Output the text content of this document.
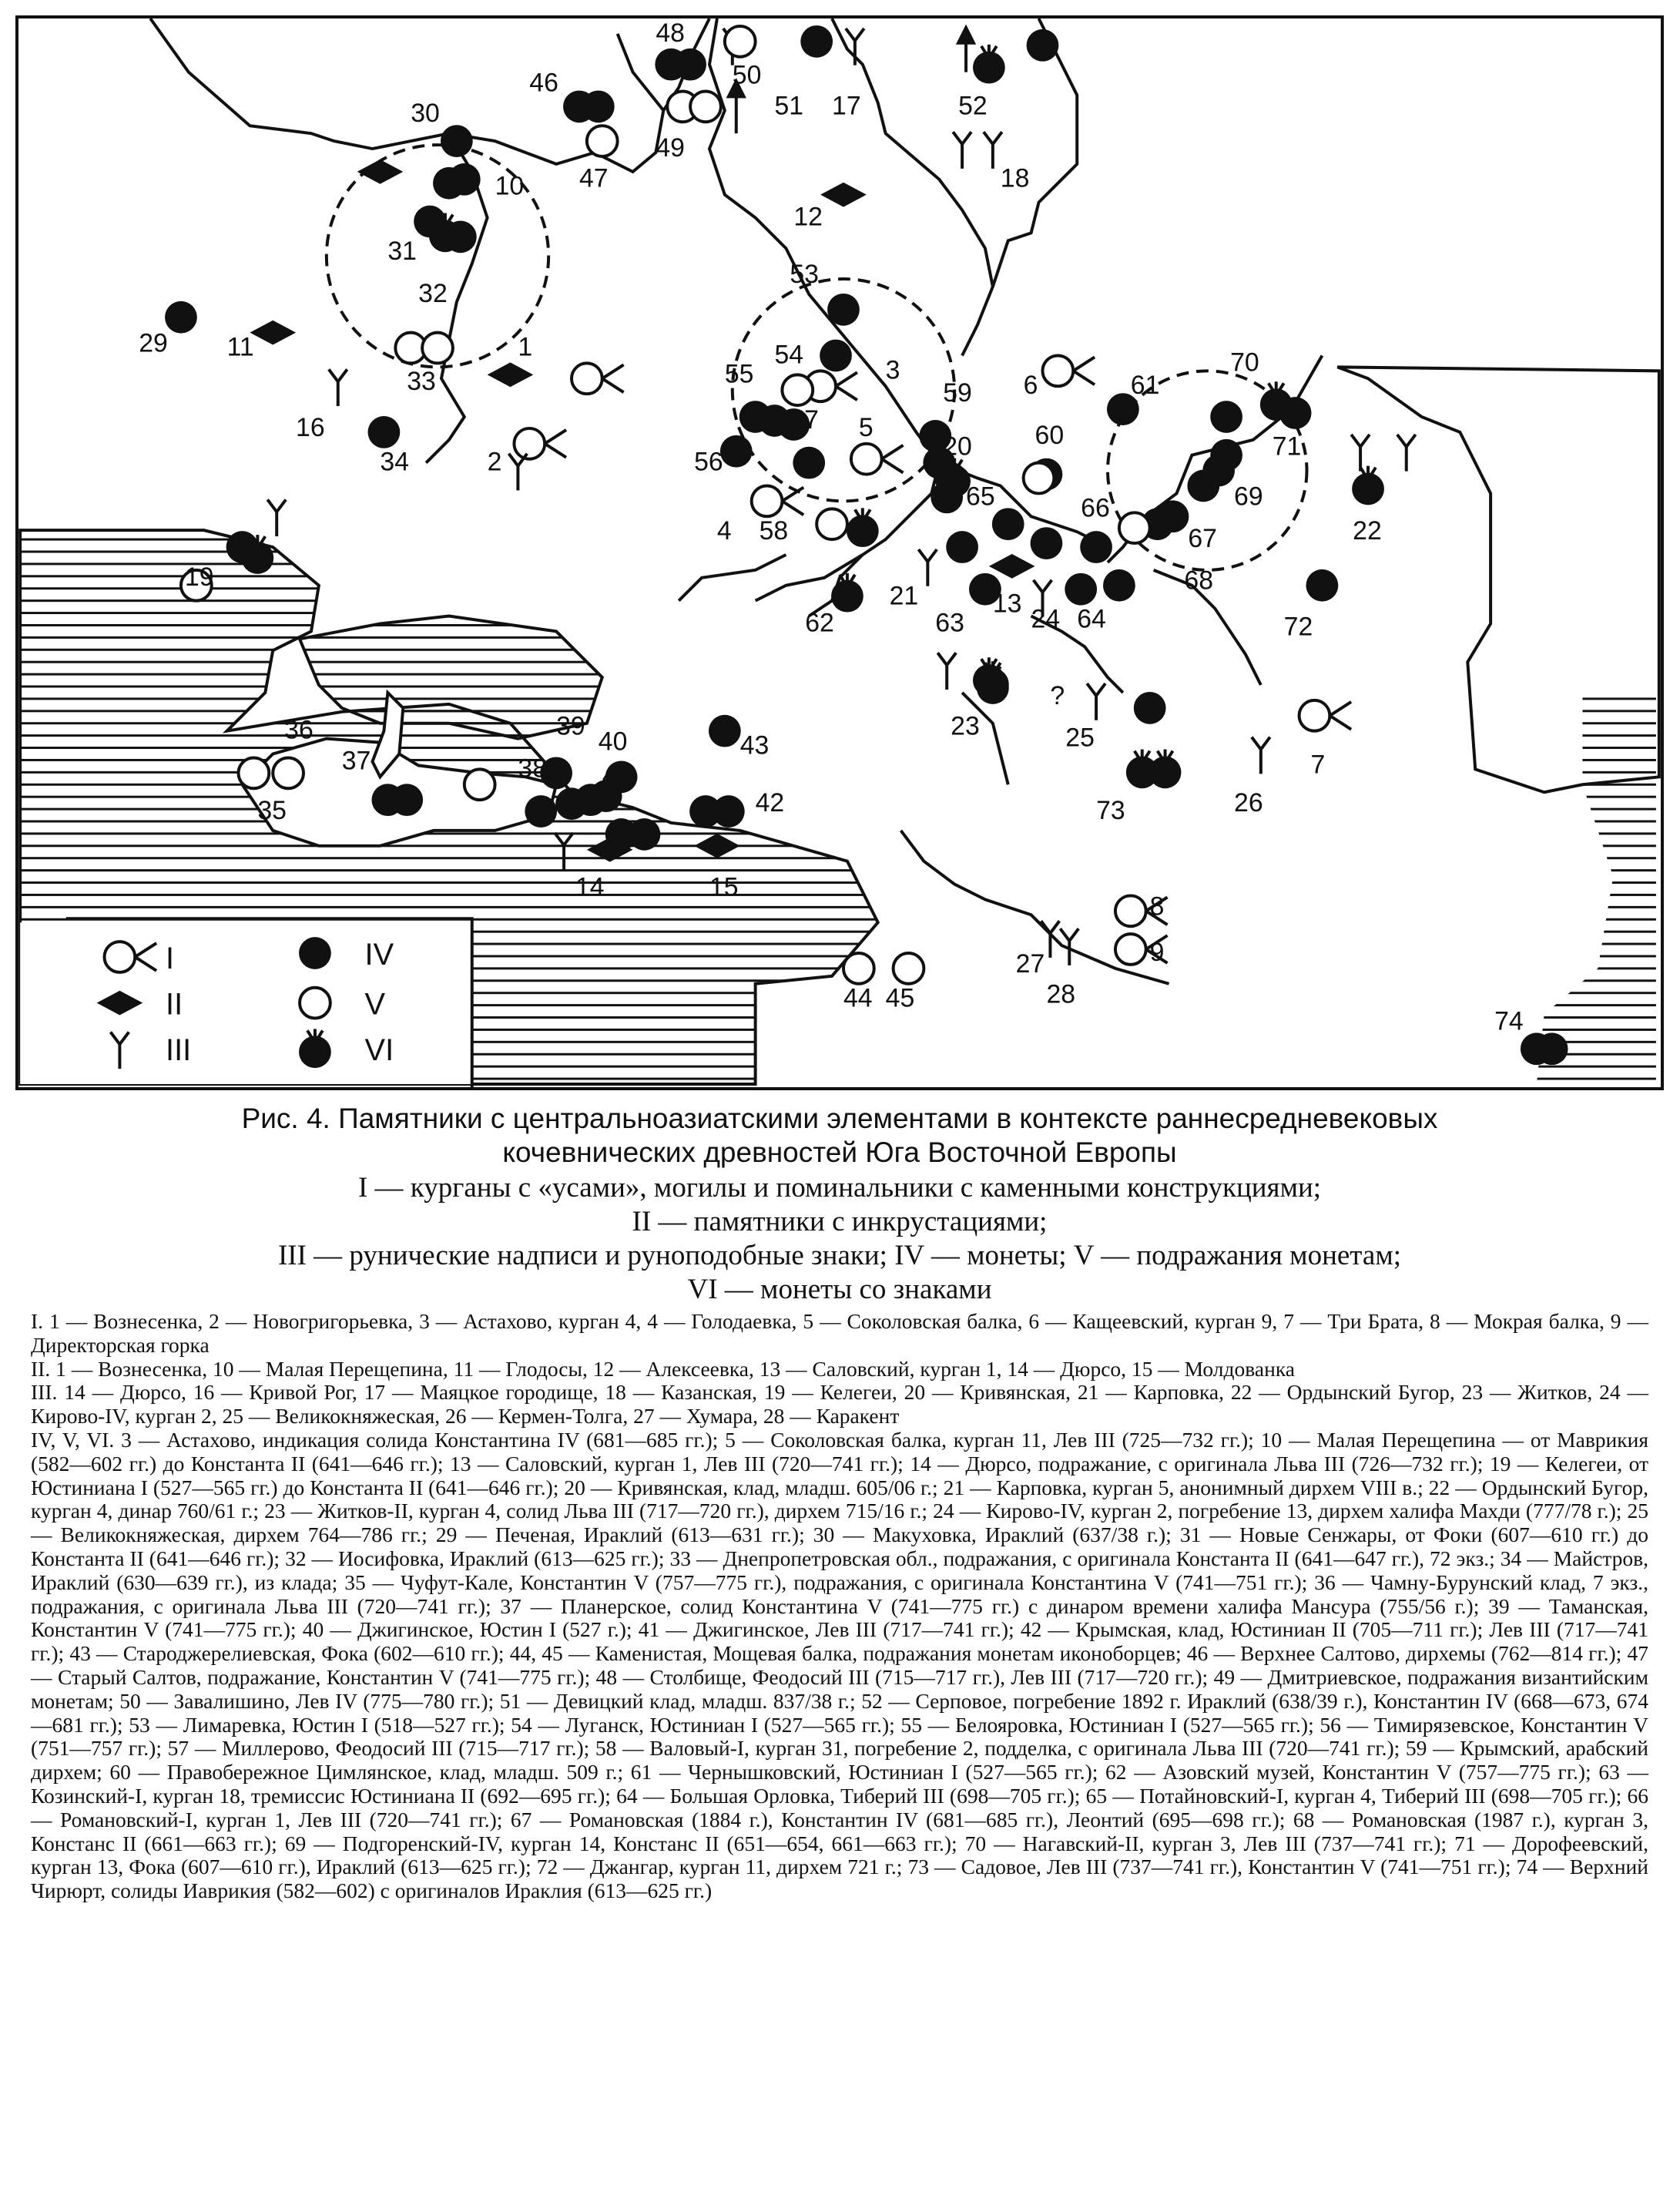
1
2
3
4
5
6
7
8
9
10
11
12
13
14	15
16
17
18
19
20
21
22
23
24
25
26
27
28
29
30
31
32
33
34
35
36
37	38
39
40
41
42
43
44 45
46
47
48
49
50
51	52
53
54
55
56
57
58
59
60
61
62	63	64
65	66
67
68
69
70
71
72
73
74
?
I
II
III
IV
V
VI
Рис. 4. Памятники с центральноазиатскими элементами в контексте раннесредневековых
кочевнических древностей Юга Восточной Европы
I — курганы с «усами», могилы и поминальники с каменными конструкциями;
II — памятники с инкрустациями;
III — рунические надписи и руноподобные знаки; IV — монеты; V — подражания монетам;
VI — монеты со знаками

I. 1 — Вознесенка, 2 — Новогригорьевка, 3 — Астахово, курган 4, 4 — Голодаевка, 5 — Соколовская балка, 6 — Кащеевский, курган 9, 7 — Три Брата, 8 — Мокрая балка, 9 — Директорская горка

II. 1 — Вознесенка, 10 — Малая Перещепина, 11 — Глодосы, 12 — Алексеевка, 13 — Саловский, курган 1, 14 — Дюрсо, 15 — Молдованка

III. 14 — Дюрсо, 16 — Кривой Рог, 17 — Маяцкое городище, 18 — Казанская, 19 — Келегеи, 20 — Кривянская, 21 — Карповка, 22 — Ордынский Бугор, 23 — Житков, 24 — Кирово-IV, курган 2, 25 — Великокняжеская, 26 — Кермен-Толга, 27 — Хумара, 28 — Каракент

IV, V, VI. 3 — Астахово, индикация солида Константина IV (681—685 гг.); 5 — Соколовская балка, курган 11, Лев III (725—732 гг.); 10 — Малая Перещепина — от Маврикия (582—602 гг.) до Константа II (641—646 гг.); 13 — Саловский, курган 1, Лев III (720—741 гг.); 14 — Дюрсо, подражание, с оригинала Льва III (726—732 гг.); 19 — Келегеи, от Юстиниана I (527—565 гг.) до Константа II (641—646 гг.); 20 — Кривянская, клад, младш. 605/06 г.; 21 — Карповка, курган 5, анонимный дирхем VIII в.; 22 — Ордынский Бугор, курган 4, динар 760/61 г.; 23 — Житков-II, курган 4, солид Льва III (717—720 гг.), дирхем 715/16 г.; 24 — Кирово-IV, курган 2, погребение 13, дирхем халифа Махди (777/78 г.); 25 — Великокняжеская, дирхем 764—786 гг.; 29 — Печеная, Ираклий (613—631 гг.); 30 — Макуховка, Ираклий (637/38 г.); 31 — Новые Сенжары, от Фоки (607—610 гг.) до Константа II (641—646 гг.); 32 — Иосифовка, Ираклий (613—625 гг.); 33 — Днепропетровская обл., подражания, с оригинала Константа II (641—647 гг.), 72 экз.; 34 — Майстров, Ираклий (630—639 гг.), из клада; 35 — Чуфут-Кале, Константин V (757—775 гг.), подражания, с оригинала Константина V (741—751 гг.); 36 — Чамну-Бурунский клад, 7 экз., подражания, с оригинала Льва III (720—741 гг.); 37 — Планерское, солид Константина V (741—775 гг.) с динаром времени халифа Мансура (755/56 г.); 39 — Таманская, Константин V (741—775 гг.); 40 — Джигинское, Юстин I (527 г.); 41 — Джигинское, Лев III (717—741 гг.); 42 — Крымская, клад, Юстиниан II (705—711 гг.); Лев III (717—741 гг.); 43 — Староджерелиевская, Фока (602—610 гг.); 44, 45 — Каменистая, Мощевая балка, подражания монетам иконоборцев; 46 — Верхнее Салтово, дирхемы (762—814 гг.); 47 — Старый Салтов, подражание, Константин V (741—775 гг.); 48 — Столбище, Феодосий III (715—717 гг.), Лев III (717—720 гг.); 49 — Дмитриевское, подражания византийским монетам; 50 — Завалишино, Лев IV (775—780 гг.); 51 — Девицкий клад, младш. 837/38 г.; 52 — Серповое, погребение 1892 г. Ираклий (638/39 г.), Константин IV (668—673, 674—681 гг.); 53 — Лимаревка, Юстин I (518—527 гг.); 54 — Луганск, Юстиниан I (527—565 гг.); 55 — Белояровка, Юстиниан I (527—565 гг.); 56 — Тимирязевское, Константин V (751—757 гг.); 57 — Миллерово, Феодосий III (715—717 гг.); 58 — Валовый-I, курган 31, погребение 2, подделка, с оригинала Льва III (720—741 гг.); 59 — Крымский, арабский дирхем; 60 — Правобережное Цимлянское, клад, младш. 509 г.; 61 — Чернышковский, Юстиниан I (527—565 гг.); 62 — Азовский музей, Константин V (757—775 гг.); 63 — Козинский-I, курган 18, тремиссис Юстиниана II (692—695 гг.); 64 — Большая Орловка, Тиберий III (698—705 гг.); 65 — Потайновский-I, курган 4, Тиберий III (698—705 гг.); 66 — Романовский-I, курган 1, Лев III (720—741 гг.); 67 — Романовская (1884 г.), Константин IV (681—685 гг.), Леонтий (695—698 гг.); 68 — Романовская (1987 г.), курган 3, Констанс II (661—663 гг.); 69 — Подгоренский-IV, курган 14, Констанс II (651—654, 661—663 гг.); 70 — Нагавский-II, курган 3, Лев III (737—741 гг.); 71 — Дорофеевский, курган 13, Фока (607—610 гг.), Ираклий (613—625 гг.); 72 — Джангар, курган 11, дирхем 721 г.; 73 — Садовое, Лев III (737—741 гг.), Константин V (741—751 гг.); 74 — Верхний Чирюрт, солиды Иаврикия (582—602) с оригиналов Ираклия (613—625 гг.)
